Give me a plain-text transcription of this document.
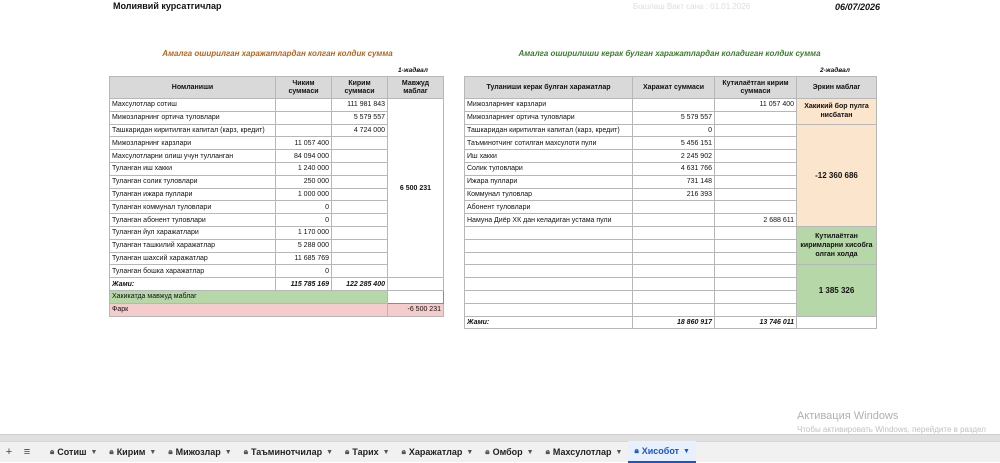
Молиявий курсатгичлар	Бошлаш Вакт сана : 01.01.2026	06/07/2026
Амалга оширилган харажатлардан колган колдик сумма	Амалга оширилиши керак булган харажатлардан коладиган колдик сумма
1-жадвал	2-жадвал
Номланиши	Чиким суммаси	Кирим суммаси	Мавжуд маблаг
Махсулотлар сотиш		111 981 843	6 500 231
Мижозларнинг ортича туловлари		5 579 557	
Ташкаридан киритилган капитал (карз, кредит)		4 724 000	
Мижозларнинг карзлари	11 057 400		
Махсулотларни олиш учун тулланган	84 094 000		
Туланган иш хакки	1 240 000		
Туланган солик туловлари	250 000		
Туланган ижара пуллари	1 000 000		
Туланган коммунал туловлари	0		
Туланган абонент туловлари	0		
Туланган йул харажатлари	1 170 000		
Туланган ташкилий харажатлар	5 288 000		
Туланган шахсий харажатлар	11 685 769		
Туланган бошка харажатлар	0		
Жами:	115 785 169	122 285 400	
Хакикатда мавжуд маблаг			
Фарк			-6 500 231
Туланиши керак булган харажатлар	Харажат суммаси	Кутилаётган кирим суммаси	Эркин маблаг
Мижозларнинг карзлари		11 057 400	Хакикий бор пулга нисбатан
Мижозларнинг ортича туловлари	5 579 557		
Ташкаридан киритилган капитал (карз, кредит)	0		-12 360 686
Таъминотчинг сотилган махсулоти пули	5 456 151		
Иш хакки	2 245 902		
Солик туловлари	4 631 766		
Ижара пуллари	731 148		
Коммунал туловлар	216 393		
Абонент туловлари			
Намуна Диёр ХК дан келадиган устама пули		2 688 611	
			Кутилаётган киримларни хисобга олган холда

			1 385 326

Жами:	18 860 917	13 746 011	
Активация Windows
Чтобы активировать Windows, перейдите в раздел
+	≡	🔒︎ Сотиш ▼ 🔒︎ Кирим ▼ 🔒︎ Мижозлар ▼ 🔒︎ Таъминотчилар ▼ 🔒︎ Тарих ▼ 🔒︎ Харажатлар ▼ 🔒︎ Омбор ▼ 🔒︎ Махсулотлар ▼ 🔒︎ Хисобот ▼
